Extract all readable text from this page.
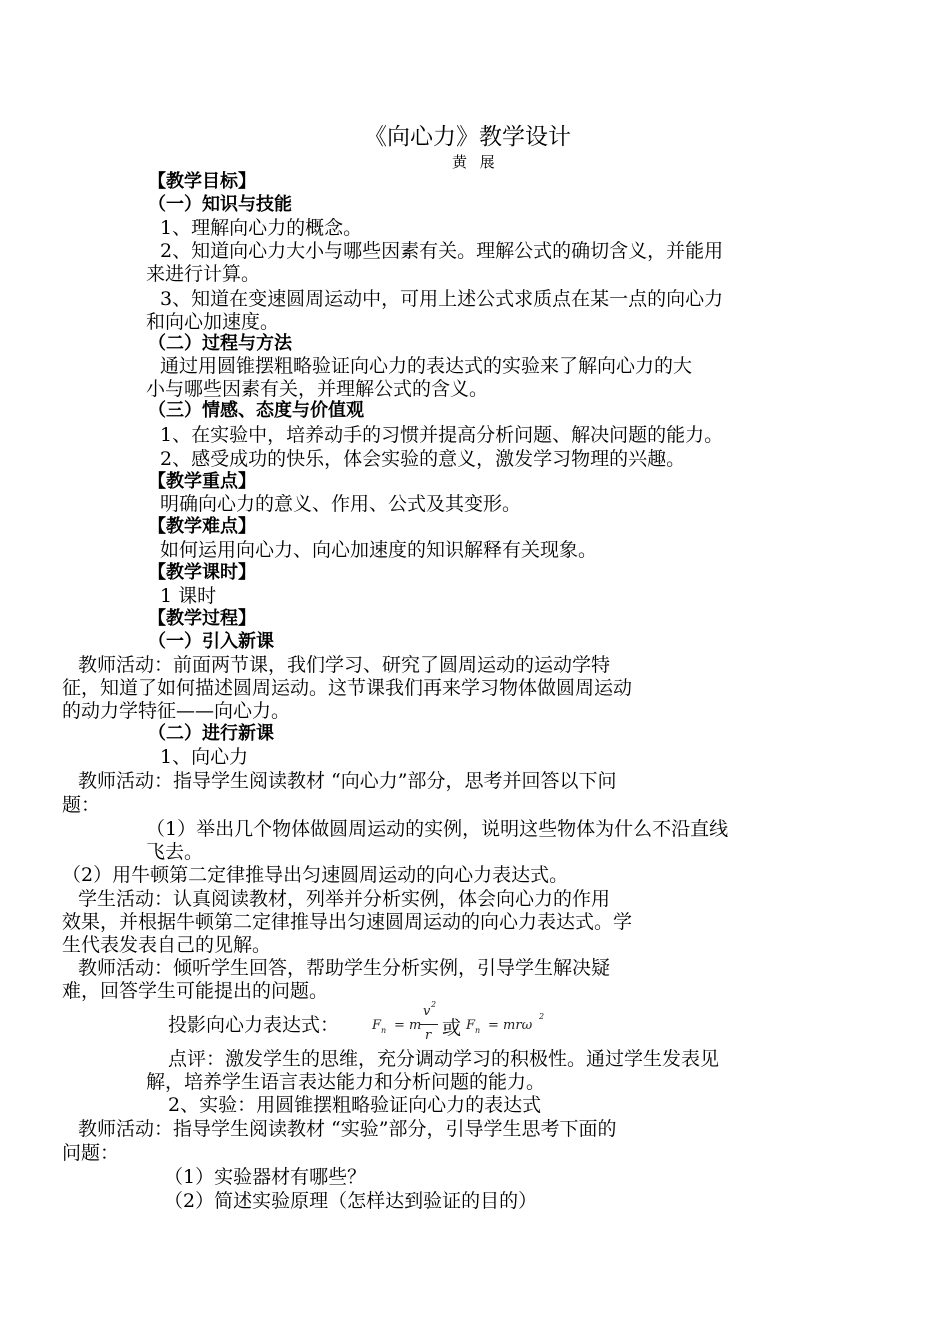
《向心力》教学设计
黄 展
【教学目标】
（一）知识与技能
1、理解向心力的概念。
2、知道向心力大小与哪些因素有关。理解公式的确切含义，并能用
来进行计算。
3、知道在变速圆周运动中，可用上述公式求质点在某一点的向心力
和向心加速度。
（二）过程与方法
通过用圆锥摆粗略验证向心力的表达式的实验来了解向心力的大
小与哪些因素有关，并理解公式的含义。
（三）情感、态度与价值观
1、在实验中，培养动手的习惯并提高分析问题、解决问题的能力。
2、感受成功的快乐，体会实验的意义，激发学习物理的兴趣。
【教学重点】
明确向心力的意义、作用、公式及其变形。
【教学难点】
如何运用向心力、向心加速度的知识解释有关现象。
【教学课时】
1 课时
【教学过程】
（一）引入新课
教师活动：前面两节课，我们学习、研究了圆周运动的运动学特
征，知道了如何描述圆周运动。这节课我们再来学习物体做圆周运动
的动力学特征——向心力。
（二）进行新课
1、向心力
教师活动：指导学生阅读教材 “向心力”部分，思考并回答以下问
题：
（1）举出几个物体做圆周运动的实例，说明这些物体为什么不沿直线
飞去。
（2）用牛顿第二定律推导出匀速圆周运动的向心力表达式。
学生活动：认真阅读教材，列举并分析实例，体会向心力的作用
效果，并根据牛顿第二定律推导出匀速圆周运动的向心力表达式。学
生代表发表自己的见解。
教师活动：倾听学生回答，帮助学生分析实例，引导学生解决疑
难，回答学生可能提出的问题。
投影向心力表达式：	F n = m
v 2
r 或 F n = mrω
2
点评：激发学生的思维，充分调动学习的积极性。通过学生发表见
解，培养学生语言表达能力和分析问题的能力。
2、实验：用圆锥摆粗略验证向心力的表达式
教师活动：指导学生阅读教材 “实验”部分，引导学生思考下面的
问题：
（1）实验器材有哪些？
（2）简述实验原理（怎样达到验证的目的）
